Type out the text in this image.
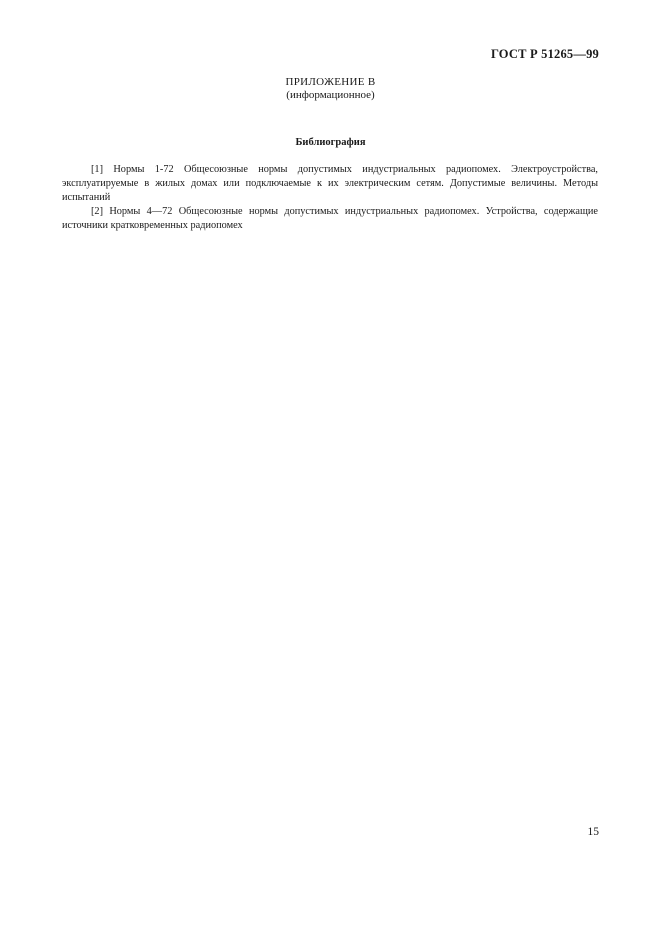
ГОСТ Р 51265—99
ПРИЛОЖЕНИЕ В
(информационное)
Библиография

[1] Нормы 1-72 Общесоюзные нормы допустимых индустриальных радиопомех. Электроустройства, эксплуатируемые в жилых домах или подключаемые к их электрическим сетям. Допустимые величины. Методы испытаний

[2] Нормы 4—72 Общесоюзные нормы допустимых индустриальных радиопомех. Устройства, содержащие источники кратковременных радиопомех

15
